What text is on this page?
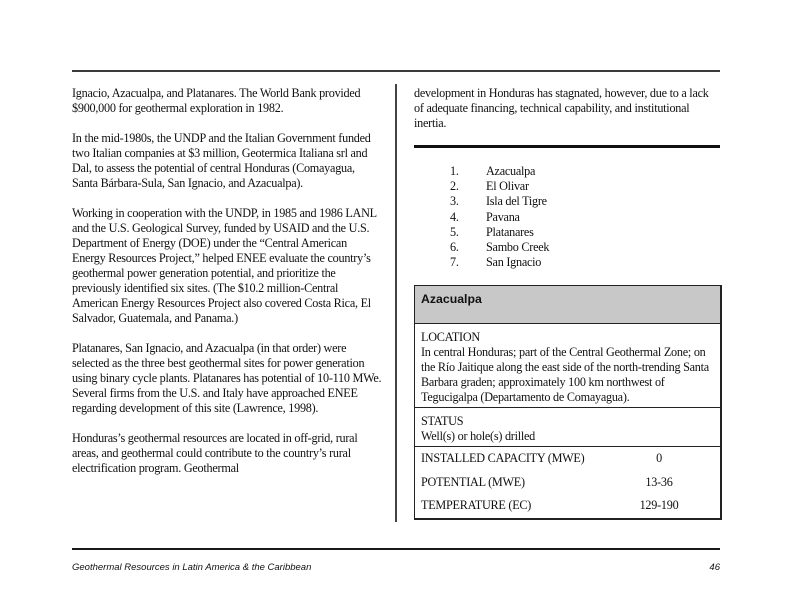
Ignacio, Azacualpa, and Platanares. The World Bank provided $900,000 for geothermal exploration in 1982.

In the mid-1980s, the UNDP and the Italian Government funded two Italian companies at $3 million, Geotermica Italiana srl and Dal, to assess the potential of central Honduras (Comayagua, Santa Bárbara-Sula, San Ignacio, and Azacualpa).

Working in cooperation with the UNDP, in 1985 and 1986 LANL and the U.S. Geological Survey, funded by USAID and the U.S. Department of Energy (DOE) under the “Central American Energy Resources Project,” helped ENEE evaluate the country’s geothermal power generation potential, and prioritize the previously identified six sites. (The $10.2 million-Central American Energy Resources Project also covered Costa Rica, El Salvador, Guatemala, and Panama.)

Platanares, San Ignacio, and Azacualpa (in that order) were selected as the three best geothermal sites for power generation using binary cycle plants. Platanares has potential of 10-110 MWe. Several firms from the U.S. and Italy have approached ENEE regarding development of this site (Lawrence, 1998).

Honduras’s geothermal resources are located in off-grid, rural areas, and geothermal could contribute to the country’s rural electrification program. Geothermal

development in Honduras has stagnated, however, due to a lack of adequate financing, technical capability, and institutional inertia.

1.	Azacualpa
2.	El Olivar
3.	Isla del Tigre
4.	Pavana
5.	Platanares
6.	Sambo Creek
7.	San Ignacio
Azacualpa
LOCATION
In central Honduras; part of the Central Geothermal Zone; on the Río Jaitique along the east side of the north-trending Santa Barbara graden; approximately 100 km northwest of Tegucigalpa (Departamento de Comayagua).
STATUS
Well(s) or hole(s) drilled
INSTALLED CAPACITY (MWE)	0
POTENTIAL (MWE)	13-36
TEMPERATURE (ЕC)	129-190
Geothermal Resources in Latin America & the Caribbean	46
